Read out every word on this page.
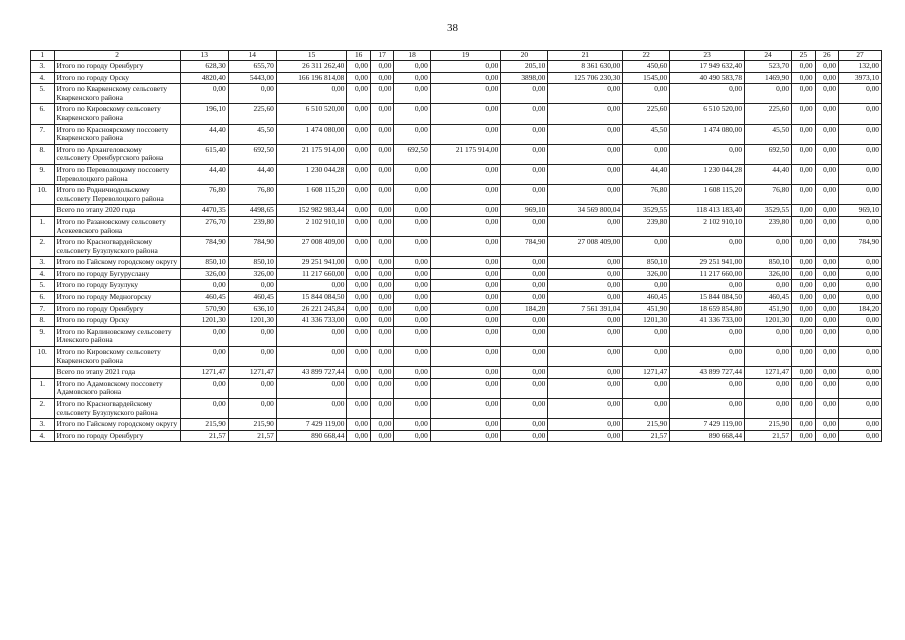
38
1	2	13	14	15	16	17	18	19	20	21	22	23	24	25	26	27
3.	Итого по городу Оренбургу	628,30	655,70	26 311 262,40	0,00	0,00	0,00	0,00	205,10	8 361 630,00	450,60	17 949 632,40	523,70	0,00	0,00	132,00
4.	Итого по городу Орску	4820,40	5443,00	166 196 814,08	0,00	0,00	0,00	0,00	3898,00	125 706 230,30	1545,00	40 490 583,78	1469,90	0,00	0,00	3973,10
5.	Итого по Кваркенскому сельсовету Кваркенского района	0,00	0,00	0,00	0,00	0,00	0,00	0,00	0,00	0,00	0,00	0,00	0,00	0,00	0,00	0,00
6.	Итого по Кировскому сельсовету Кваркенского района	196,10	225,60	6 510 520,00	0,00	0,00	0,00	0,00	0,00	0,00	225,60	6 510 520,00	225,60	0,00	0,00	0,00
7.	Итого по Красноярскому поссовету Кваркенского района	44,40	45,50	1 474 080,00	0,00	0,00	0,00	0,00	0,00	0,00	45,50	1 474 080,00	45,50	0,00	0,00	0,00
8.	Итого по Архангеловскому сельсовету Оренбургского района	615,40	692,50	21 175 914,00	0,00	0,00	692,50	21 175 914,00	0,00	0,00	0,00	0,00	692,50	0,00	0,00	0,00
9.	Итого по Переволоцкому поссовету Переволоцкого района	44,40	44,40	1 230 044,28	0,00	0,00	0,00	0,00	0,00	0,00	44,40	1 230 044,28	44,40	0,00	0,00	0,00
10.	Итого по Родничнодольскому сельсовету Переволоцкого района	76,80	76,80	1 608 115,20	0,00	0,00	0,00	0,00	0,00	0,00	76,80	1 608 115,20	76,80	0,00	0,00	0,00
	Всего по этапу 2020 года	4470,35	4498,65	152 982 983,44	0,00	0,00	0,00	0,00	969,10	34 569 800,04	3529,55	118 413 183,40	3529,55	0,00	0,00	969,10
1.	Итого по Разановскому сельсовету Асекеевского района	276,70	239,80	2 102 910,10	0,00	0,00	0,00	0,00	0,00	0,00	239,80	2 102 910,10	239,80	0,00	0,00	0,00
2.	Итого по Красногвардейскому сельсовету Бузулукского района	784,90	784,90	27 008 409,00	0,00	0,00	0,00	0,00	784,90	27 008 409,00	0,00	0,00	0,00	0,00	0,00	784,90
3.	Итого по Гайскому городскому округу	850,10	850,10	29 251 941,00	0,00	0,00	0,00	0,00	0,00	0,00	850,10	29 251 941,00	850,10	0,00	0,00	0,00
4.	Итого по городу Бугуруслану	326,00	326,00	11 217 660,00	0,00	0,00	0,00	0,00	0,00	0,00	326,00	11 217 660,00	326,00	0,00	0,00	0,00
5.	Итого по городу Бузулуку	0,00	0,00	0,00	0,00	0,00	0,00	0,00	0,00	0,00	0,00	0,00	0,00	0,00	0,00	0,00
6.	Итого по городу Медногорску	460,45	460,45	15 844 084,50	0,00	0,00	0,00	0,00	0,00	0,00	460,45	15 844 084,50	460,45	0,00	0,00	0,00
7.	Итого по городу Оренбургу	570,90	636,10	26 221 245,84	0,00	0,00	0,00	0,00	184,20	7 561 391,04	451,90	18 659 854,80	451,90	0,00	0,00	184,20
8.	Итого по городу Орску	1201,30	1201,30	41 336 733,00	0,00	0,00	0,00	0,00	0,00	0,00	1201,30	41 336 733,00	1201,30	0,00	0,00	0,00
9.	Итого по Карлиновскому сельсовету Илекского района	0,00	0,00	0,00	0,00	0,00	0,00	0,00	0,00	0,00	0,00	0,00	0,00	0,00	0,00	0,00
10.	Итого по Кировскому сельсовету Кваркенского района	0,00	0,00	0,00	0,00	0,00	0,00	0,00	0,00	0,00	0,00	0,00	0,00	0,00	0,00	0,00
	Всего по этапу 2021 года	1271,47	1271,47	43 899 727,44	0,00	0,00	0,00	0,00	0,00	0,00	1271,47	43 899 727,44	1271,47	0,00	0,00	0,00
1.	Итого по Адамовскому поссовету Адамовского района	0,00	0,00	0,00	0,00	0,00	0,00	0,00	0,00	0,00	0,00	0,00	0,00	0,00	0,00	0,00
2.	Итого по Красногвардейскому сельсовету Бузулукского района	0,00	0,00	0,00	0,00	0,00	0,00	0,00	0,00	0,00	0,00	0,00	0,00	0,00	0,00	0,00
3.	Итого по Гайскому городскому округу	215,90	215,90	7 429 119,00	0,00	0,00	0,00	0,00	0,00	0,00	215,90	7 429 119,00	215,90	0,00	0,00	0,00
4.	Итого по городу Оренбургу	21,57	21,57	890 668,44	0,00	0,00	0,00	0,00	0,00	0,00	21,57	890 668,44	21,57	0,00	0,00	0,00
